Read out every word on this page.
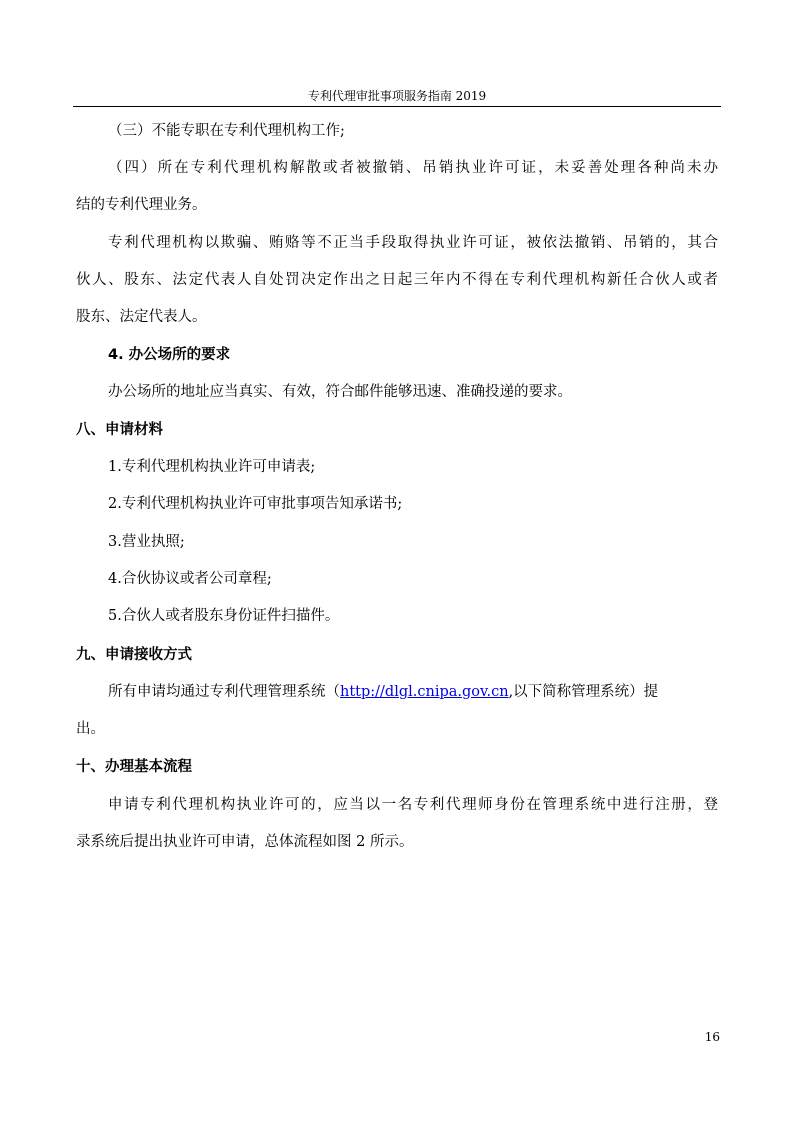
专利代理审批事项服务指南 2019
（三）不能专职在专利代理机构工作;
（四）所在专利代理机构解散或者被撤销、吊销执业许可证，未妥善处理各种尚未办
结的专利代理业务。
专利代理机构以欺骗、贿赂等不正当手段取得执业许可证，被依法撤销、吊销的，其合
伙人、股东、法定代表人自处罚决定作出之日起三年内不得在专利代理机构新任合伙人或者
股东、法定代表人。
4. 办公场所的要求
办公场所的地址应当真实、有效，符合邮件能够迅速、准确投递的要求。
八、申请材料
1.专利代理机构执业许可申请表;
2.专利代理机构执业许可审批事项告知承诺书;
3.营业执照;
4.合伙协议或者公司章程;
5.合伙人或者股东身份证件扫描件。
九、申请接收方式
所有申请均通过专利代理管理系统（http://dlgl.cnipa.gov.cn,以下简称管理系统）提
出。
十、办理基本流程
申请专利代理机构执业许可的，应当以一名专利代理师身份在管理系统中进行注册，登
录系统后提出执业许可申请，总体流程如图 2 所示。
16
